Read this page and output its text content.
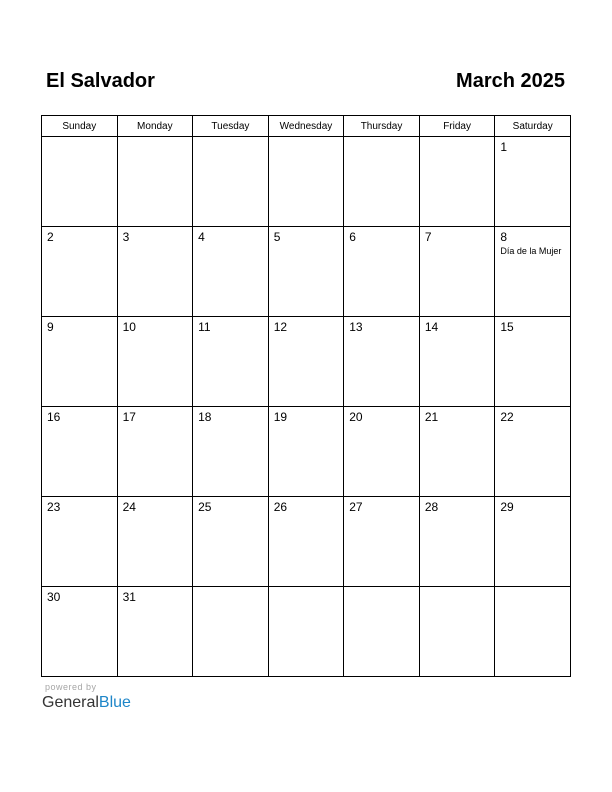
El Salvador	March 2025
Sunday	Monday	Tuesday	Wednesday	Thursday	Friday	Saturday

						1

2	3	4	5	6	7	8
Día de la Mujer

9	10	11	12	13	14	15

16	17	18	19	20	21	22

23	24	25	26	27	28	29

30	31					

powered by
GeneralBlue
